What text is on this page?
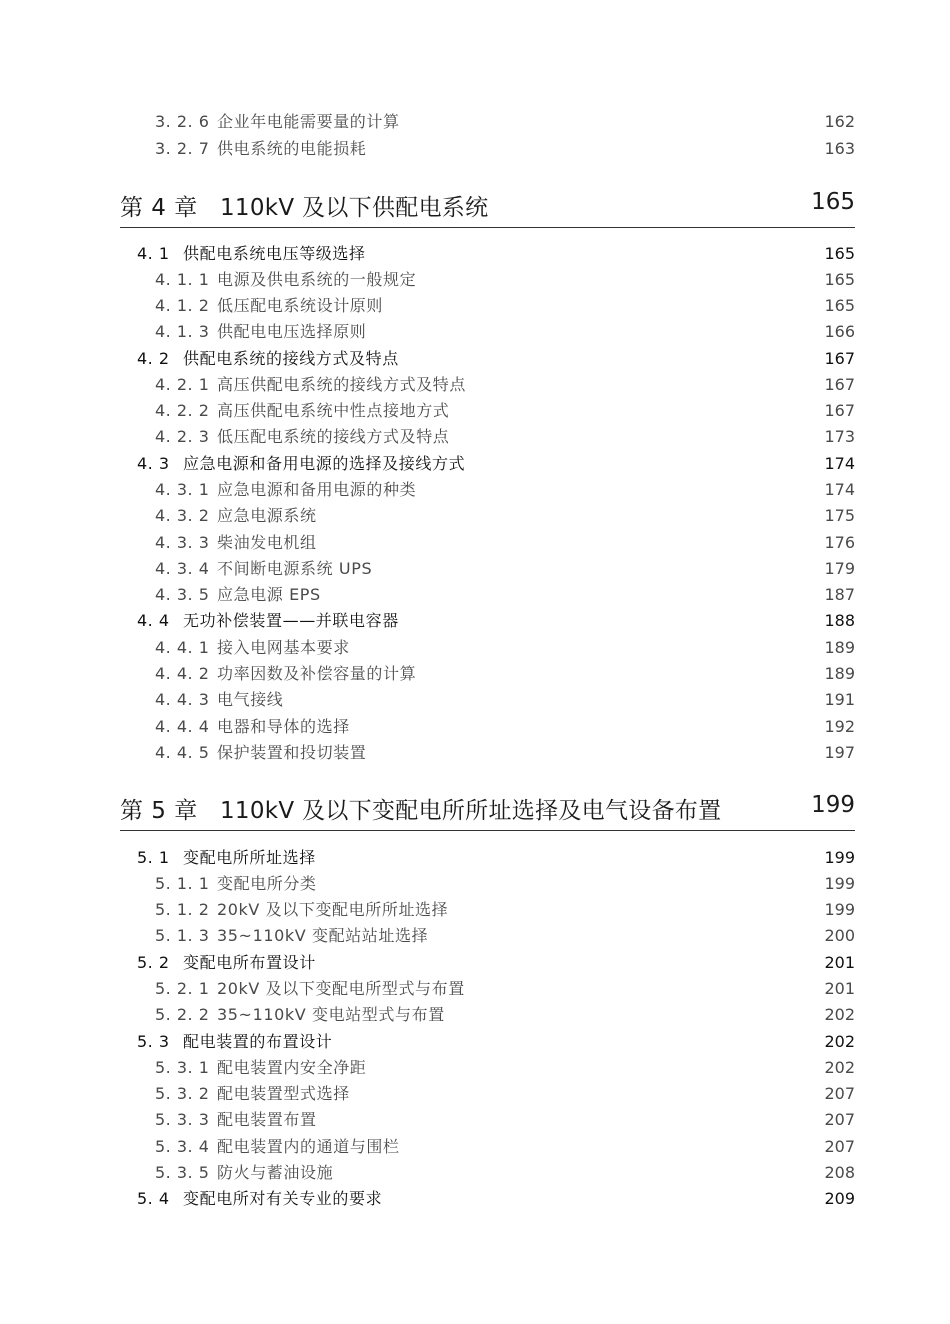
3. 2. 6 企业年电能需要量的计算	162
3. 2. 7 供电系统的电能损耗	163
第 4 章 110kV 及以下供配电系统	165
4. 1 供配电系统电压等级选择	165
4. 1. 1 电源及供电系统的一般规定	165
4. 1. 2 低压配电系统设计原则	165
4. 1. 3 供配电电压选择原则	166
4. 2 供配电系统的接线方式及特点	167
4. 2. 1 高压供配电系统的接线方式及特点	167
4. 2. 2 高压供配电系统中性点接地方式	167
4. 2. 3 低压配电系统的接线方式及特点	173
4. 3 应急电源和备用电源的选择及接线方式	174
4. 3. 1 应急电源和备用电源的种类	174
4. 3. 2 应急电源系统	175
4. 3. 3 柴油发电机组	176
4. 3. 4 不间断电源系统 UPS	179
4. 3. 5 应急电源 EPS	187
4. 4 无功补偿装置——并联电容器	188
4. 4. 1 接入电网基本要求	189
4. 4. 2 功率因数及补偿容量的计算	189
4. 4. 3 电气接线	191
4. 4. 4 电器和导体的选择	192
4. 4. 5 保护装置和投切装置	197
第 5 章 110kV 及以下变配电所所址选择及电气设备布置	199
5. 1 变配电所所址选择	199
5. 1. 1 变配电所分类	199
5. 1. 2 20kV 及以下变配电所所址选择	199
5. 1. 3 35~110kV 变配站站址选择	200
5. 2 变配电所布置设计	201
5. 2. 1 20kV 及以下变配电所型式与布置	201
5. 2. 2 35~110kV 变电站型式与布置	202
5. 3 配电装置的布置设计	202
5. 3. 1 配电装置内安全净距	202
5. 3. 2 配电装置型式选择	207
5. 3. 3 配电装置布置	207
5. 3. 4 配电装置内的通道与围栏	207
5. 3. 5 防火与蓄油设施	208
5. 4 变配电所对有关专业的要求	209
